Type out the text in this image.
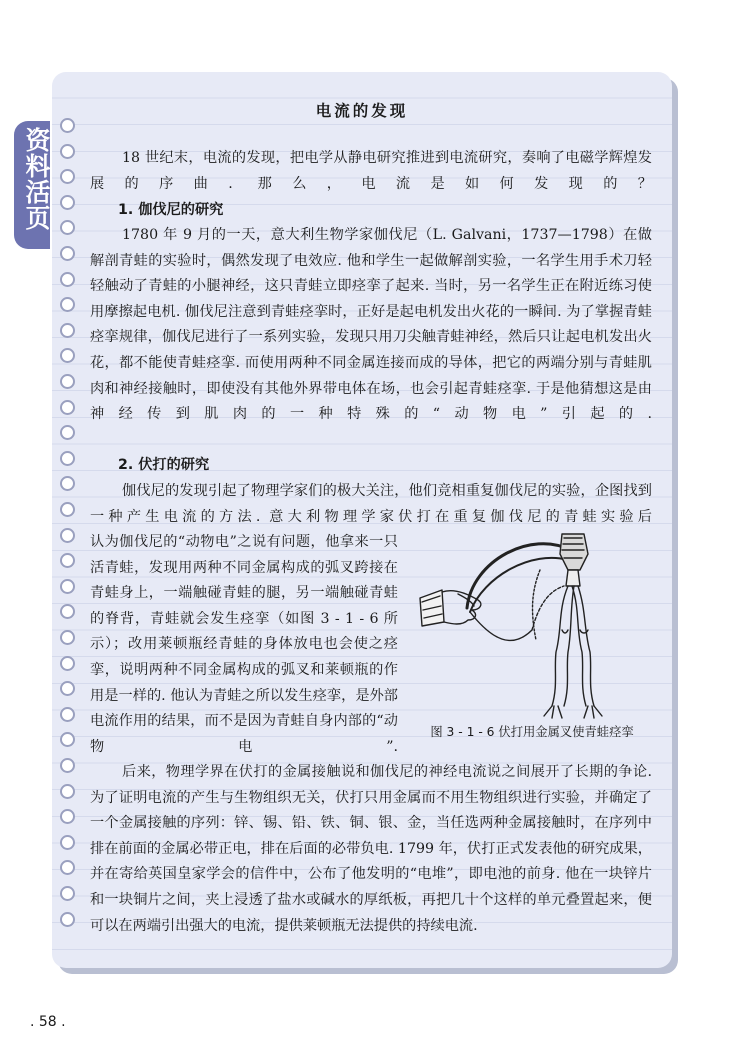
资料活页
电流的发现

18 世纪末，电流的发现，把电学从静电研究推进到电流研究，奏响了电磁学辉煌发展的序曲. 那么，电流是如何发现的？

1. 伽伐尼的研究

1780 年 9 月的一天，意大利生物学家伽伐尼（L. Galvani，1737—1798）在做解剖青蛙的实验时，偶然发现了电效应. 他和学生一起做解剖实验，一名学生用手术刀轻轻触动了青蛙的小腿神经，这只青蛙立即痉挛了起来. 当时，另一名学生正在附近练习使用摩擦起电机. 伽伐尼注意到青蛙痉挛时，正好是起电机发出火花的一瞬间. 为了掌握青蛙痉挛规律，伽伐尼进行了一系列实验，发现只用刀尖触青蛙神经，然后只让起电机发出火花，都不能使青蛙痉挛. 而使用两种不同金属连接而成的导体，把它的两端分别与青蛙肌肉和神经接触时，即使没有其他外界带电体在场，也会引起青蛙痉挛. 于是他猜想这是由神经传到肌肉的一种特殊的“动物电”引起的.

2. 伏打的研究

伽伐尼的发现引起了物理学家们的极大关注，他们竞相重复伽伐尼的实验，企图找到一种产生电流的方法. 意大利物理学家伏打在重复伽伐尼的青蛙实验后

认为伽伐尼的“动物电”之说有问题，他拿来一只活青蛙，发现用两种不同金属构成的弧叉跨接在青蛙身上，一端触碰青蛙的腿，另一端触碰青蛙的脊背，青蛙就会发生痉挛（如图 3 - 1 - 6 所示）；改用莱顿瓶经青蛙的身体放电也会使之痉挛，说明两种不同金属构成的弧叉和莱顿瓶的作用是一样的. 他认为青蛙之所以发生痉挛，是外部电流作用的结果，而不是因为青蛙自身内部的“动物电”.

图 3 - 1 - 6 伏打用金属叉使青蛙痉挛

后来，物理学界在伏打的金属接触说和伽伐尼的神经电流说之间展开了长期的争论. 为了证明电流的产生与生物组织无关，伏打只用金属而不用生物组织进行实验，并确定了一个金属接触的序列：锌、锡、铅、铁、铜、银、金，当任选两种金属接触时，在序列中排在前面的金属必带正电，排在后面的必带负电. 1799 年，伏打正式发表他的研究成果，并在寄给英国皇家学会的信件中，公布了他发明的“电堆”，即电池的前身. 他在一块锌片和一块铜片之间，夹上浸透了盐水或碱水的厚纸板，再把几十个这样的单元叠置起来，便可以在两端引出强大的电流，提供莱顿瓶无法提供的持续电流.

. 58 .
